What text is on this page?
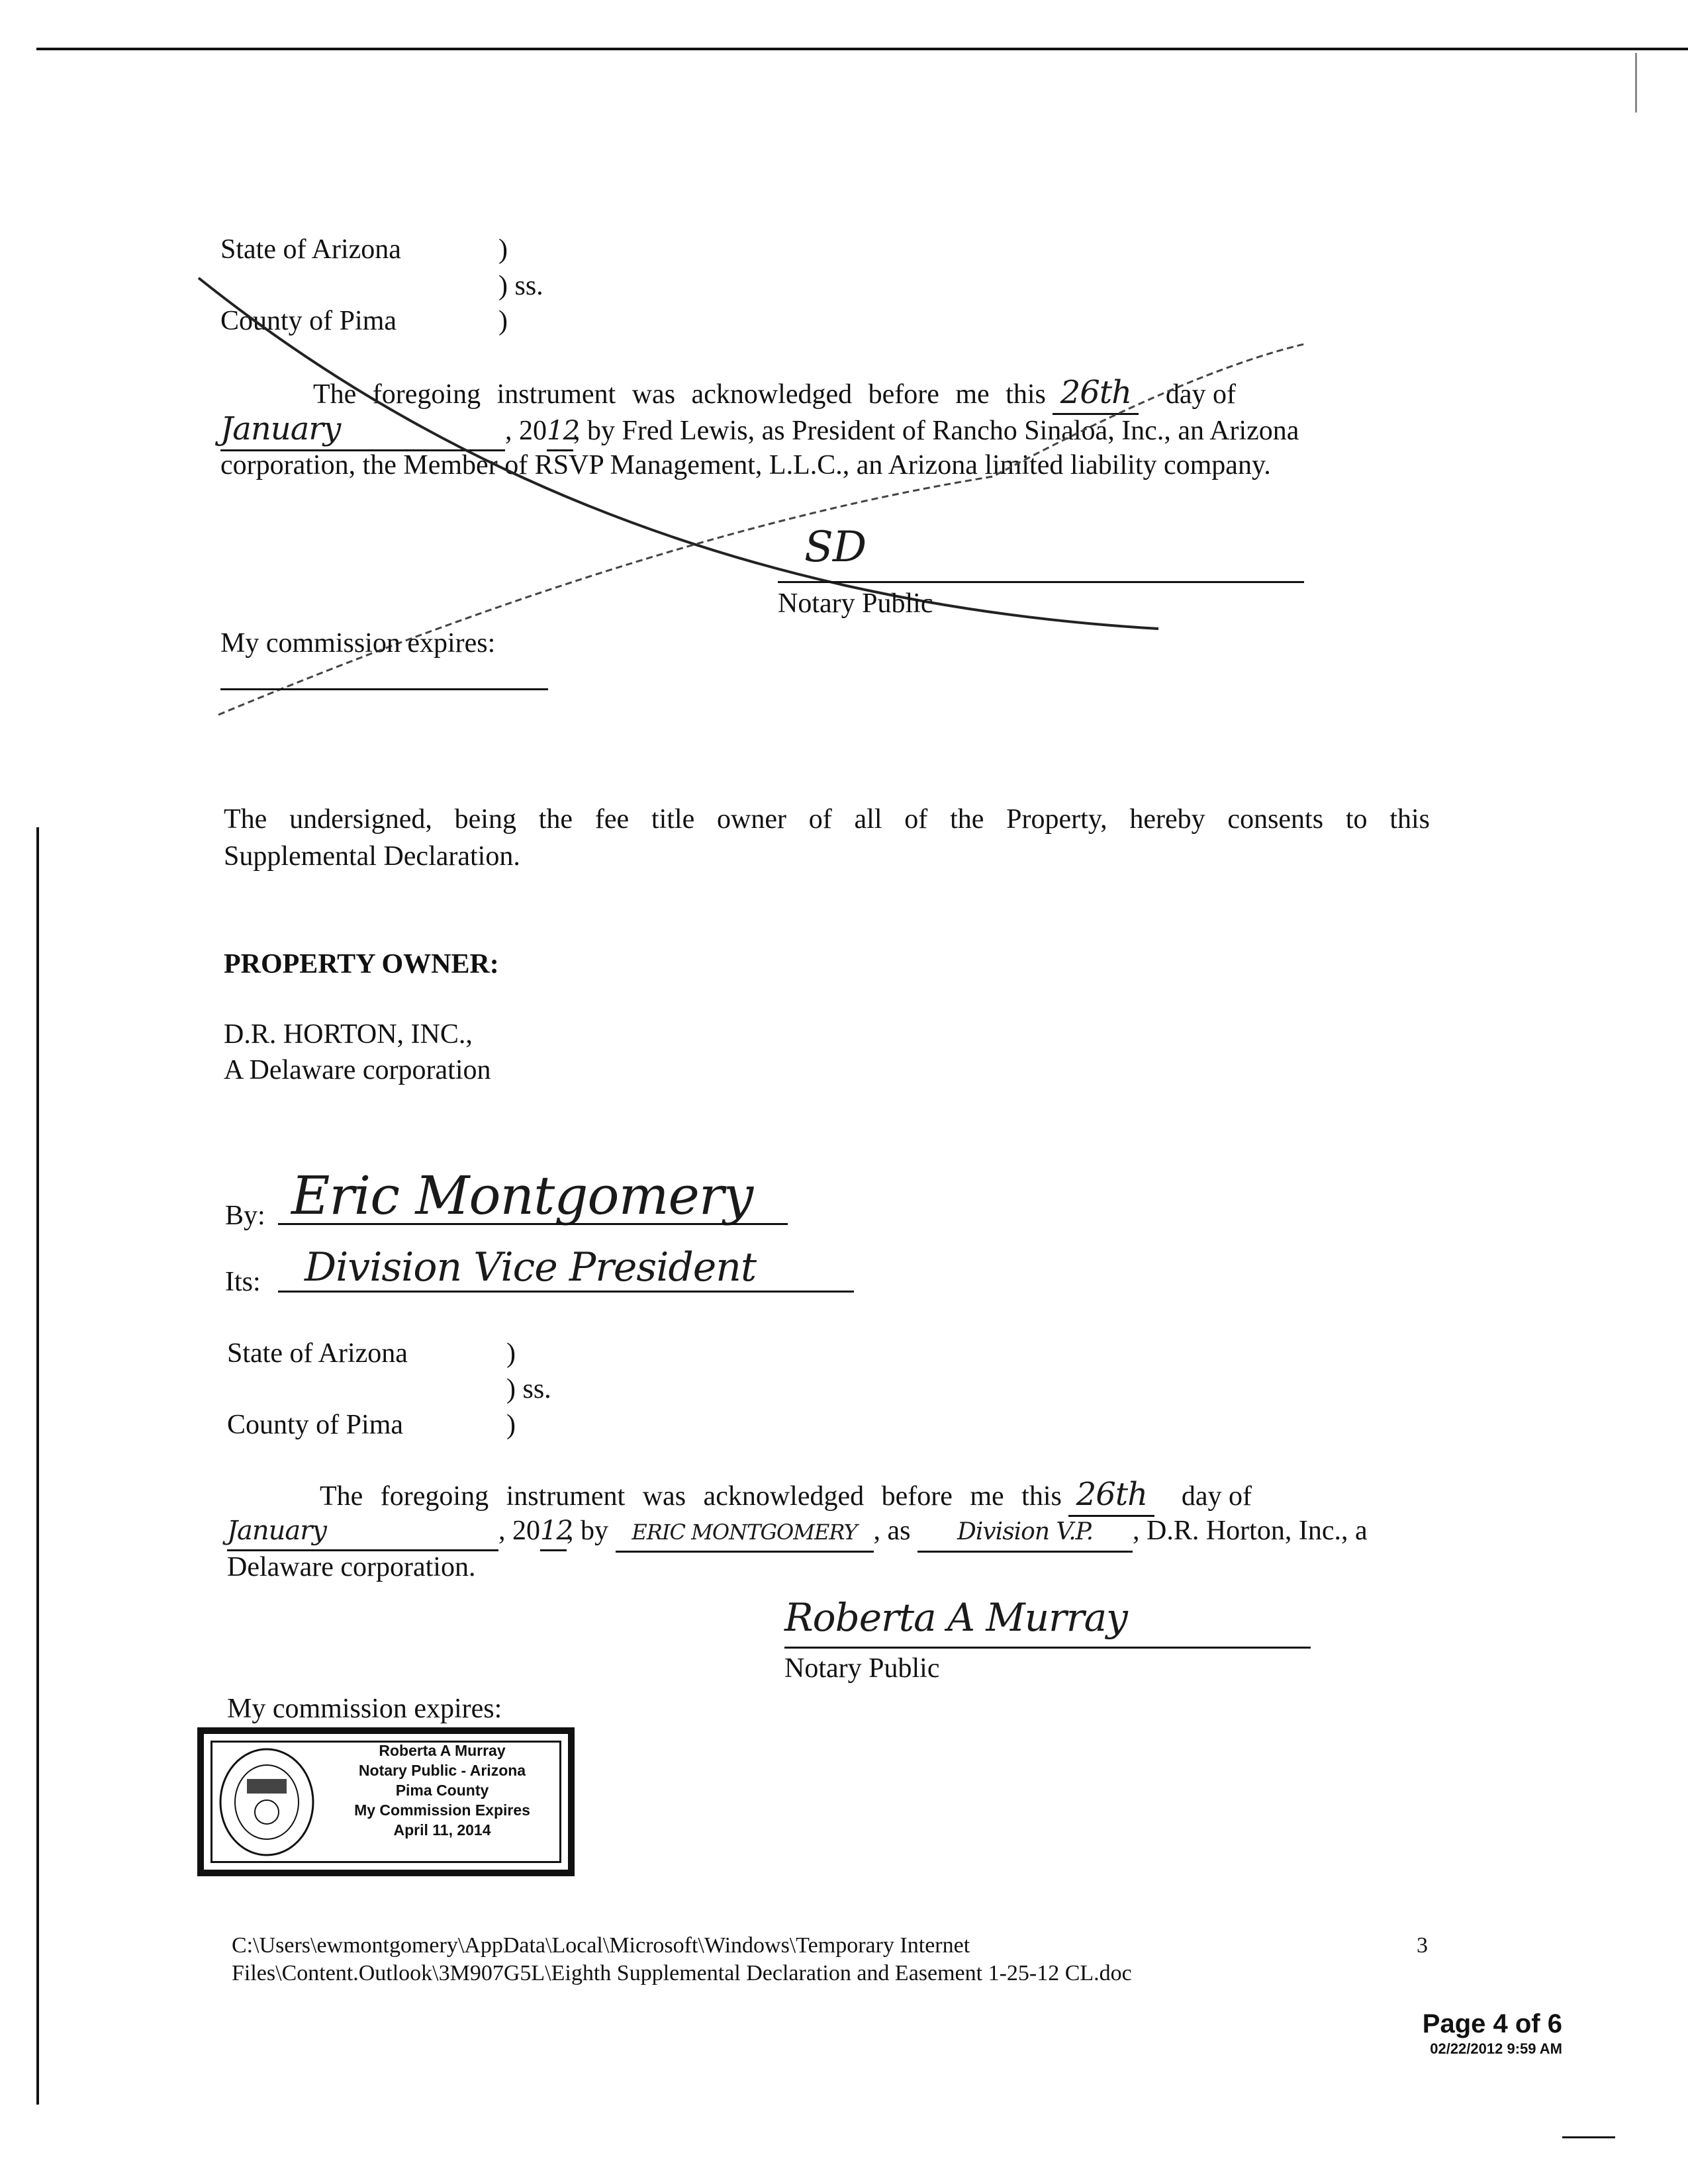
State of Arizona	)
) ss.
County of Pima	)
The foregoing instrument was acknowledged before me this 26th day of
January	, 2012, by Fred Lewis, as President of Rancho Sinaloa, Inc., an Arizona
corporation, the Member of RSVP Management, L.L.C., an Arizona limited liability company.
SD
Notary Public
My commission expires:
The undersigned, being the fee title owner of all of the Property, hereby consents to this
Supplemental Declaration.
PROPERTY OWNER:
D.R. HORTON, INC.,
A Delaware corporation
By: Eric Montgomery
Its: Division Vice President
State of Arizona	)
) ss.
County of Pima	)
The foregoing instrument was acknowledged before me this 26th day of
January	, 2012, by ERIC MONTGOMERY , as Division V.P. , D.R. Horton, Inc., a
Delaware corporation.
Roberta A Murray
Notary Public
My commission expires:
Roberta A Murray
Notary Public - Arizona
Pima County
My Commission Expires
April 11, 2014
C:\Users\ewmontgomery\AppData\Local\Microsoft\Windows\Temporary Internet
Files\Content.Outlook\3M907G5L\Eighth Supplemental Declaration and Easement 1-25-12 CL.doc
3
Page 4 of 6
02/22/2012 9:59 AM
